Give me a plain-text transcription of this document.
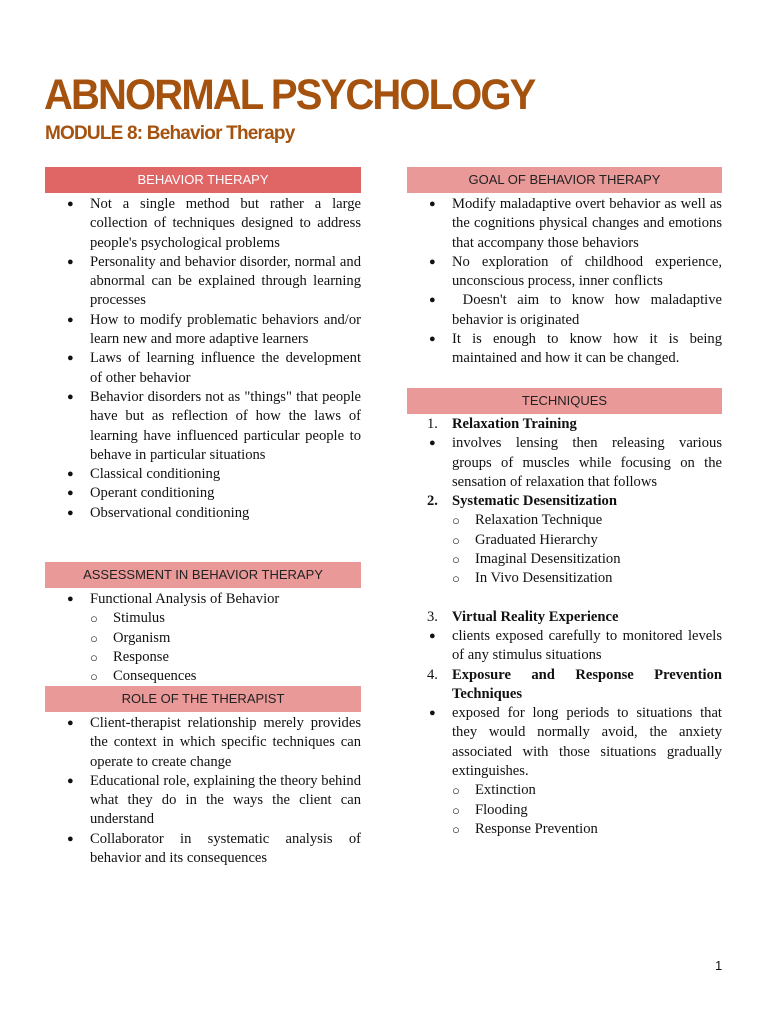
ABNORMAL PSYCHOLOGY
MODULE 8: Behavior Therapy
BEHAVIOR THERAPY
● Not a single method but rather a large collection of techniques designed to address people's psychological problems
● Personality and behavior disorder, normal and abnormal can be explained through learning processes
● How to modify problematic behaviors and/or learn new and more adaptive learners
● Laws of learning influence the development of other behavior
● Behavior disorders not as "things" that people have but as reflection of how the laws of learning have influenced particular people to behave in particular situations
● Classical conditioning
● Operant conditioning
● Observational conditioning
ASSESSMENT IN BEHAVIOR THERAPY
● Functional Analysis of Behavior
○ Stimulus
○ Organism
○ Response
○ Consequences
ROLE OF THE THERAPIST
● Client-therapist relationship merely provides the context in which specific techniques can operate to create change
● Educational role, explaining the theory behind what they do in the ways the client can understand
● Collaborator in systematic analysis of behavior and its consequences
GOAL OF BEHAVIOR THERAPY
● Modify maladaptive overt behavior as well as the cognitions physical changes and emotions that accompany those behaviors
● No exploration of childhood experience, unconscious process, inner conflicts
●  Doesn't aim to know how maladaptive behavior is originated
● It is enough to know how it is being maintained and how it can be changed.
TECHNIQUES
1. Relaxation Training
● involves lensing then releasing various groups of muscles while focusing on the sensation of relaxation that follows
2. Systematic Desensitization
○ Relaxation Technique
○ Graduated Hierarchy
○ Imaginal Desensitization
○ In Vivo Desensitization
3. Virtual Reality Experience
● clients exposed carefully to monitored levels of any stimulus situations
4. Exposure and Response Prevention Techniques
● exposed for long periods to situations that they would normally avoid, the anxiety associated with those situations gradually extinguishes.
○ Extinction
○ Flooding
○ Response Prevention
1
